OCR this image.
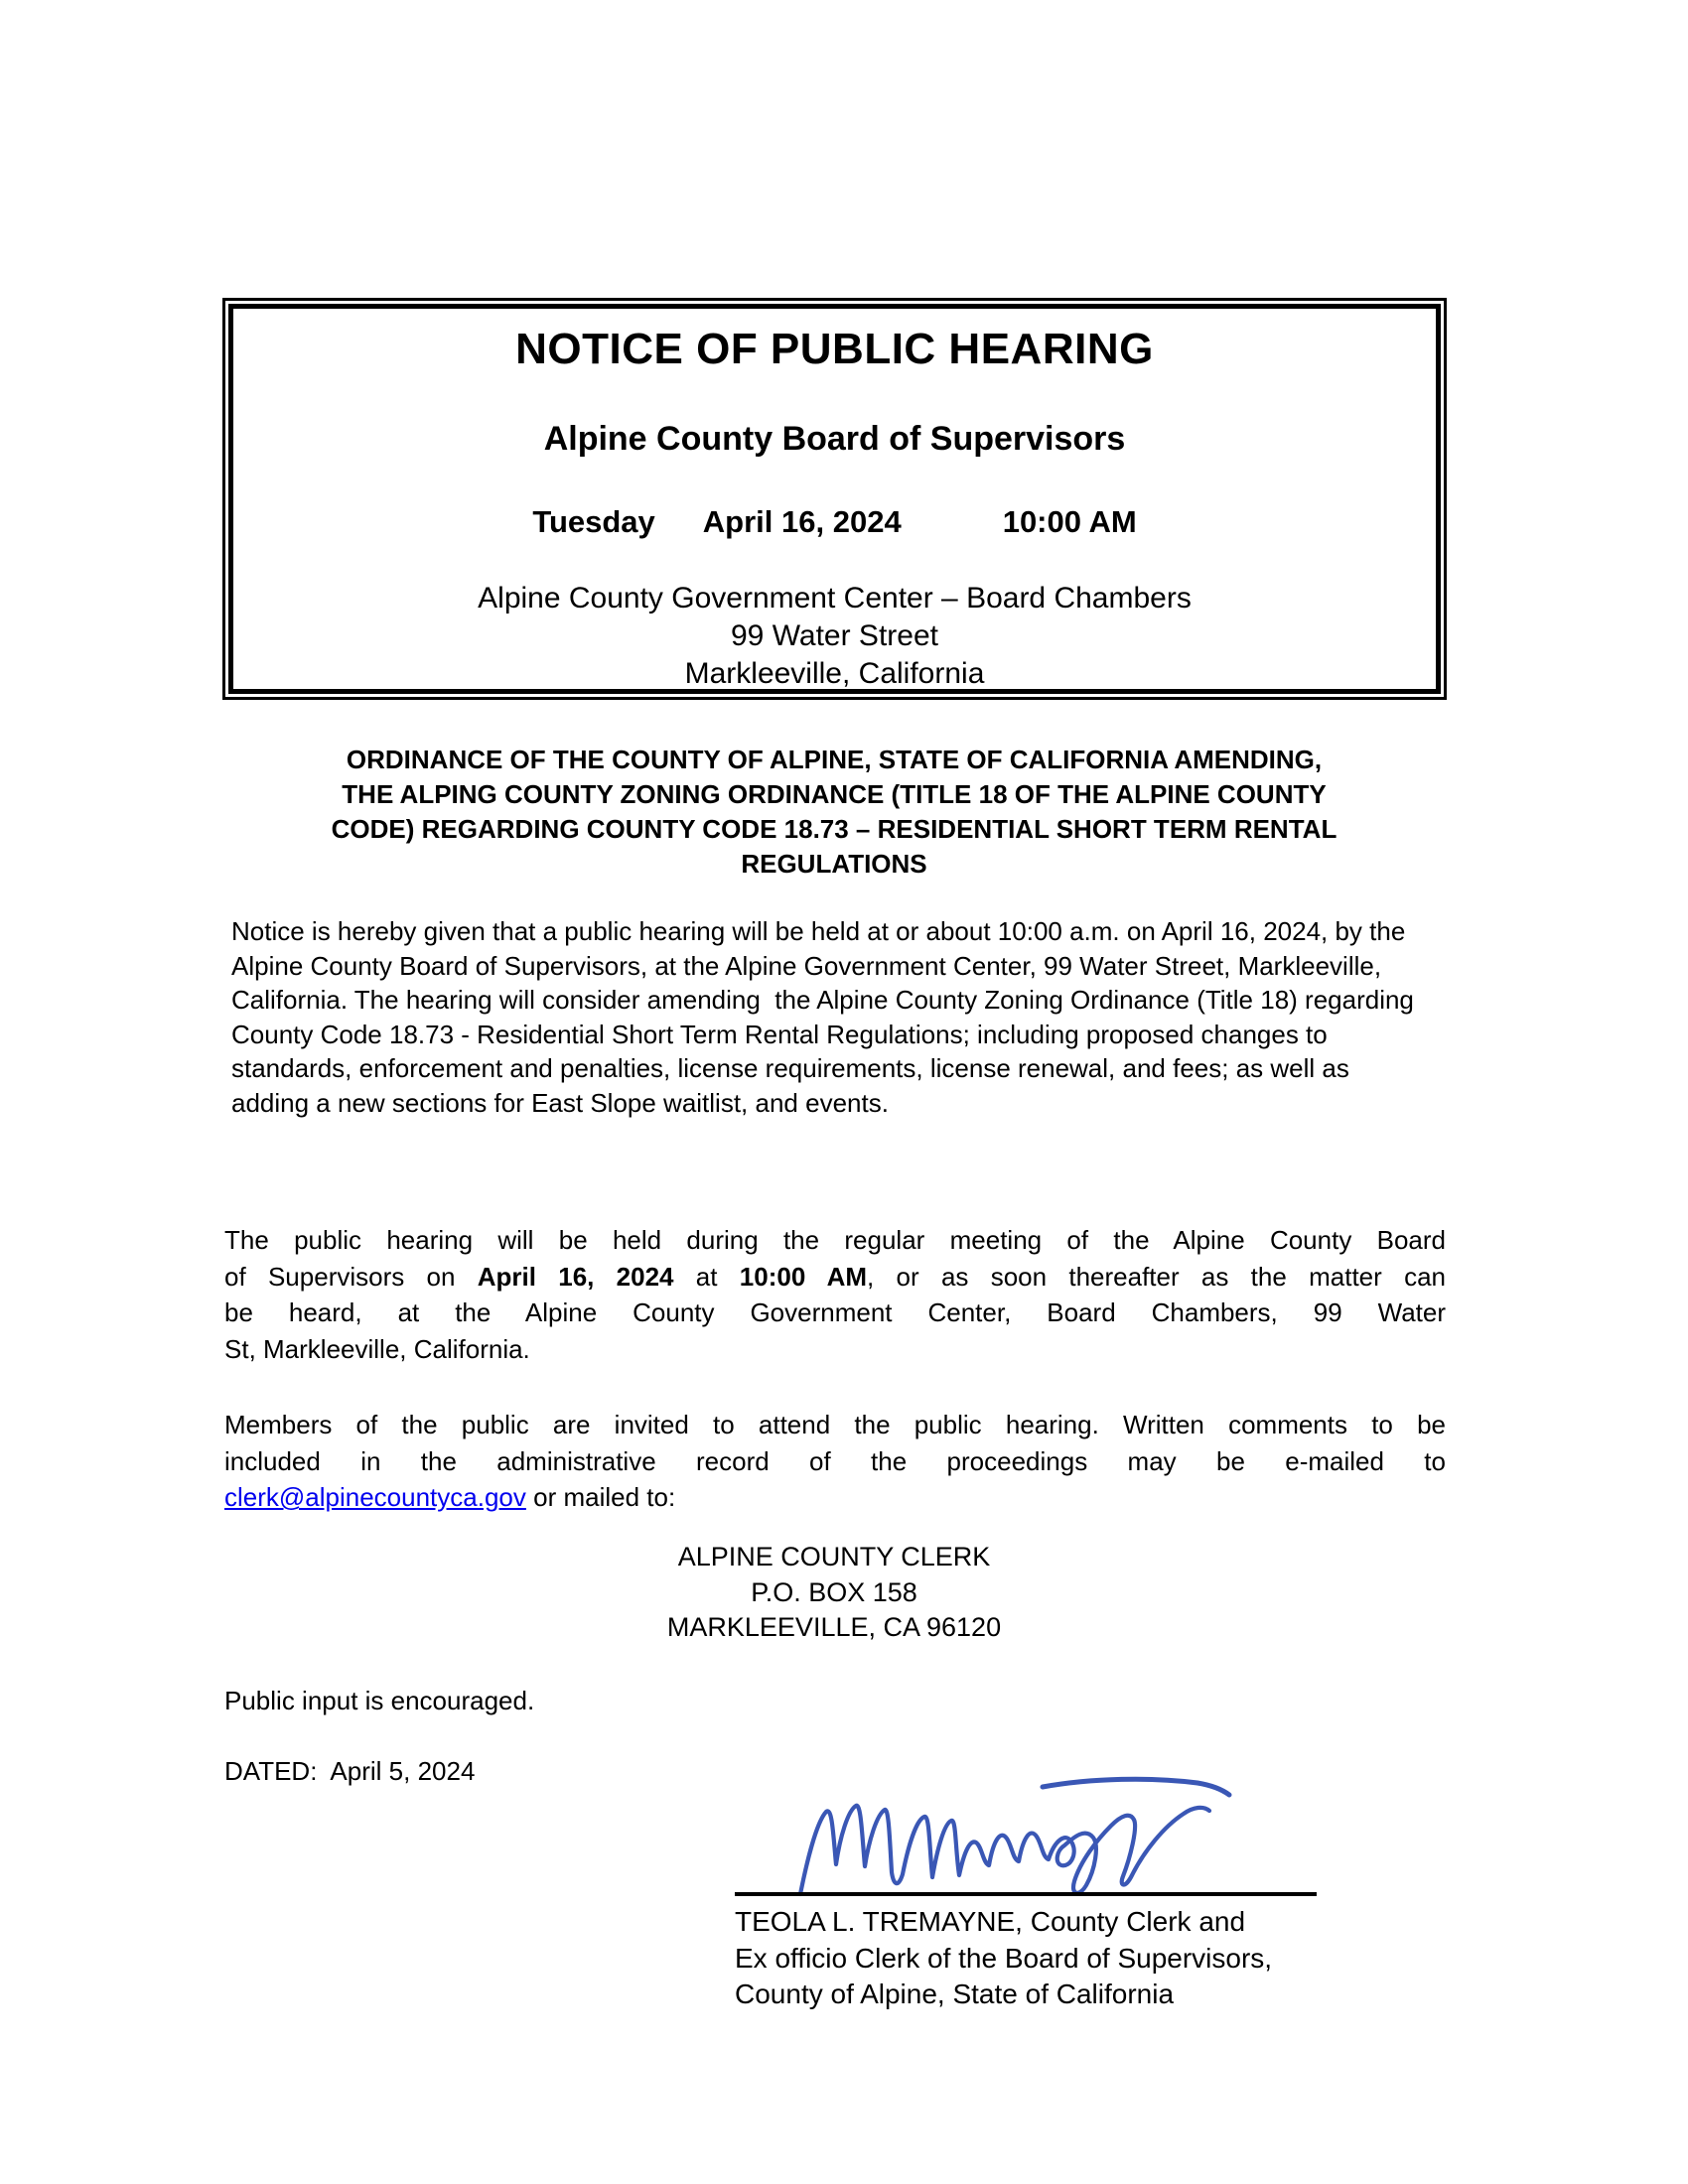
NOTICE OF PUBLIC HEARING
Alpine County Board of Supervisors
Tuesday April 16, 2024	10:00 AM
Alpine County Government Center – Board Chambers
99 Water Street
Markleeville, California
ORDINANCE OF THE COUNTY OF ALPINE, STATE OF CALIFORNIA AMENDING,
THE ALPING COUNTY ZONING ORDINANCE (TITLE 18 OF THE ALPINE COUNTY
CODE) REGARDING COUNTY CODE 18.73 – RESIDENTIAL SHORT TERM RENTAL
REGULATIONS

Notice is hereby given that a public hearing will be held at or about 10:00 a.m. on April 16, 2024, by the Alpine County Board of Supervisors, at the Alpine Government Center, 99 Water Street, Markleeville, California. The hearing will consider amending  the Alpine County Zoning Ordinance (Title 18) regarding County Code 18.73 - Residential Short Term Rental Regulations; including proposed changes to standards, enforcement and penalties, license requirements, license renewal, and fees; as well as adding a new sections for East Slope waitlist, and events.

The public hearing will be held during the regular meeting of the Alpine County Board
of Supervisors on April 16, 2024 at 10:00 AM, or as soon thereafter as the matter can
be heard, at the Alpine County Government Center, Board Chambers, 99 Water
St, Markleeville, California.
Members of the public are invited to attend the public hearing. Written comments to be
included in the administrative record of the proceedings may be e-mailed to
clerk@alpinecountyca.gov or mailed to:
ALPINE COUNTY CLERK
P.O. BOX 158
MARKLEEVILLE, CA 96120

Public input is encouraged.

DATED:  April 5, 2024

TEOLA L. TREMAYNE, County Clerk and
Ex officio Clerk of the Board of Supervisors,
County of Alpine, State of California
